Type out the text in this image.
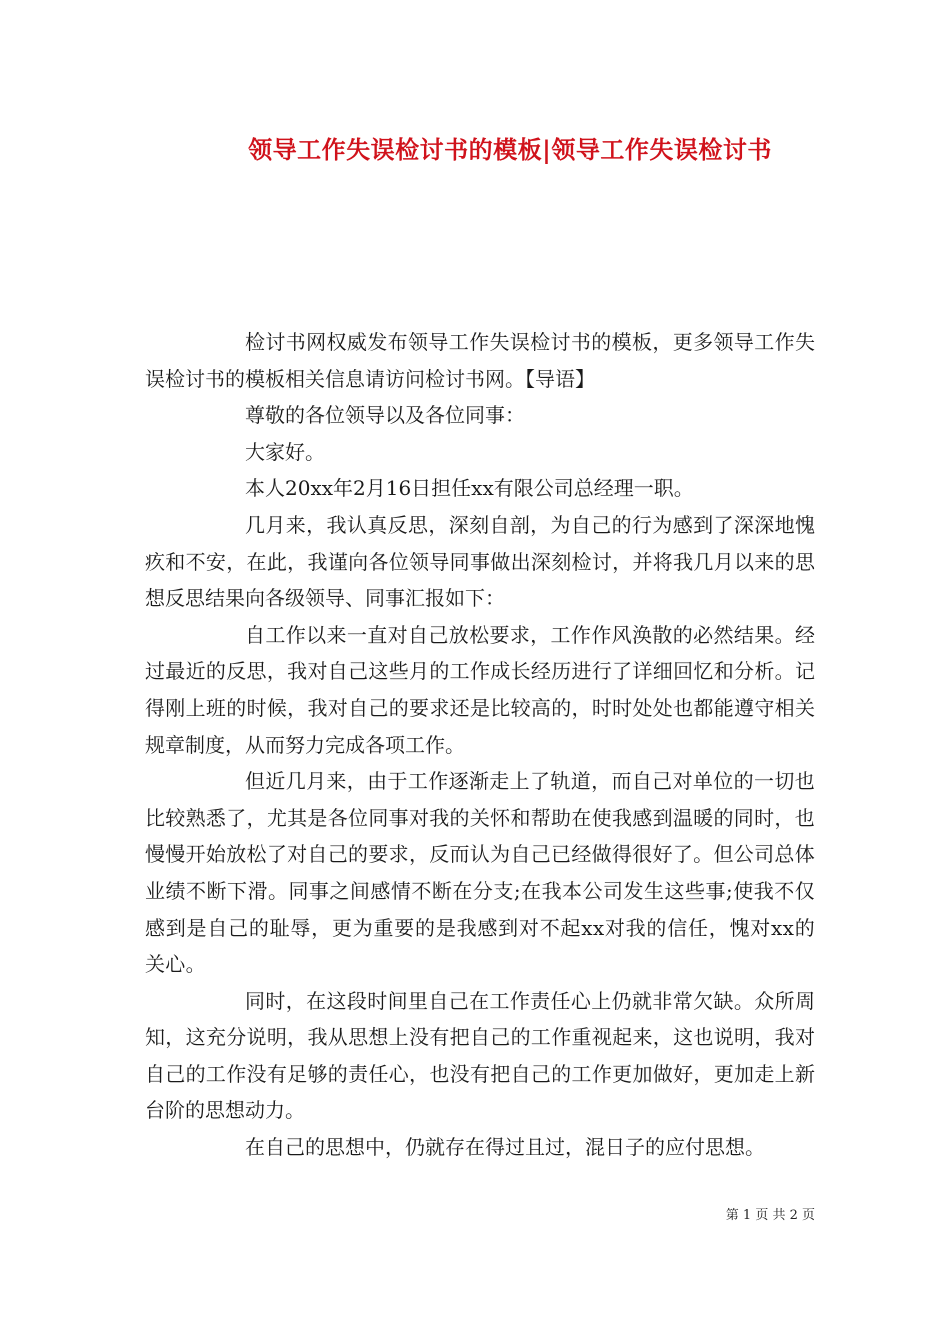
领导工作失误检讨书的模板|领导工作失误检讨书

检讨书网权威发布领导工作失误检讨书的模板，更多领导工作失误检讨书的模板相关信息请访问检讨书网。【导语】

尊敬的各位领导以及各位同事：

大家好。

本人20xx年2月16日担任xx有限公司总经理一职。

几月来，我认真反思，深刻自剖，为自己的行为感到了深深地愧疚和不安，在此，我谨向各位领导同事做出深刻检讨，并将我几月以来的思想反思结果向各级领导、同事汇报如下：

自工作以来一直对自己放松要求，工作作风涣散的必然结果。经过最近的反思，我对自己这些月的工作成长经历进行了详细回忆和分析。记得刚上班的时候，我对自己的要求还是比较高的，时时处处也都能遵守相关规章制度，从而努力完成各项工作。

但近几月来，由于工作逐渐走上了轨道，而自己对单位的一切也比较熟悉了，尤其是各位同事对我的关怀和帮助在使我感到温暖的同时，也慢慢开始放松了对自己的要求，反而认为自己已经做得很好了。但公司总体业绩不断下滑。同事之间感情不断在分支;在我本公司发生这些事;使我不仅感到是自己的耻辱，更为重要的是我感到对不起xx对我的信任，愧对xx的关心。

同时，在这段时间里自己在工作责任心上仍就非常欠缺。众所周知，这充分说明，我从思想上没有把自己的工作重视起来，这也说明，我对自己的工作没有足够的责任心，也没有把自己的工作更加做好，更加走上新台阶的思想动力。

在自己的思想中，仍就存在得过且过，混日子的应付思想。

第 1 页 共 2 页
